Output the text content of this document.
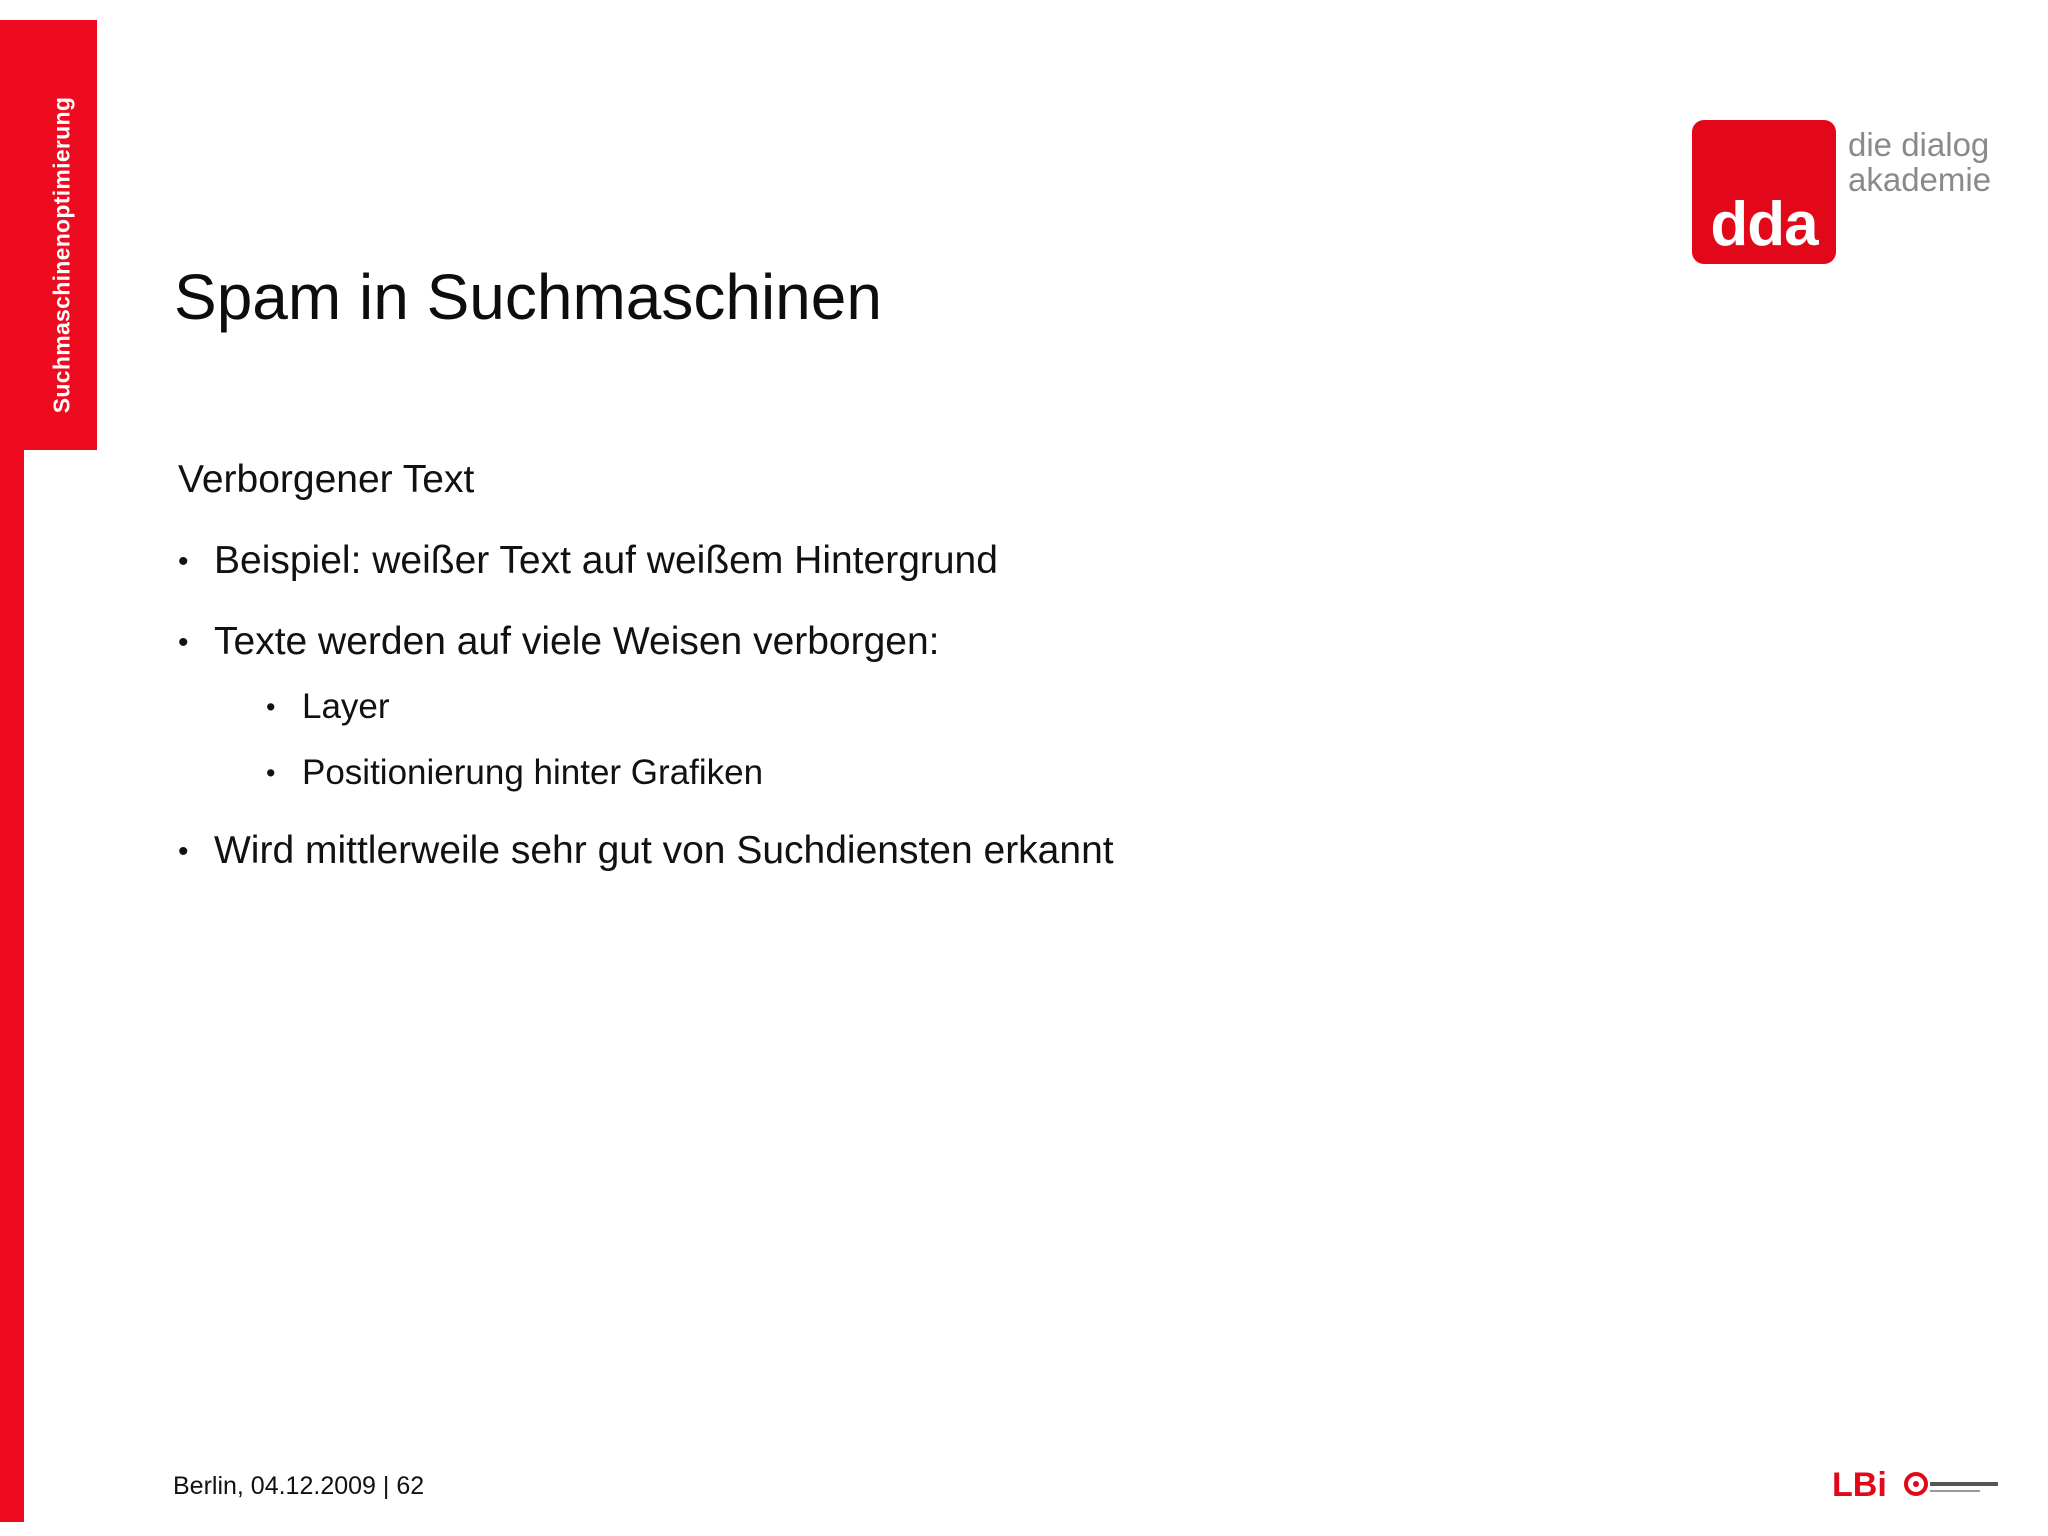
Suchmaschinenoptimierung	dda
die dialog akademie
Spam in Suchmaschinen
Verborgener Text
• Beispiel: weißer Text auf weißem Hintergrund
• Texte werden auf viele Weisen verborgen:
• Layer
• Positionierung hinter Grafiken
• Wird mittlerweile sehr gut von Suchdiensten erkannt
Berlin, 04.12.2009 | 62	LBi
